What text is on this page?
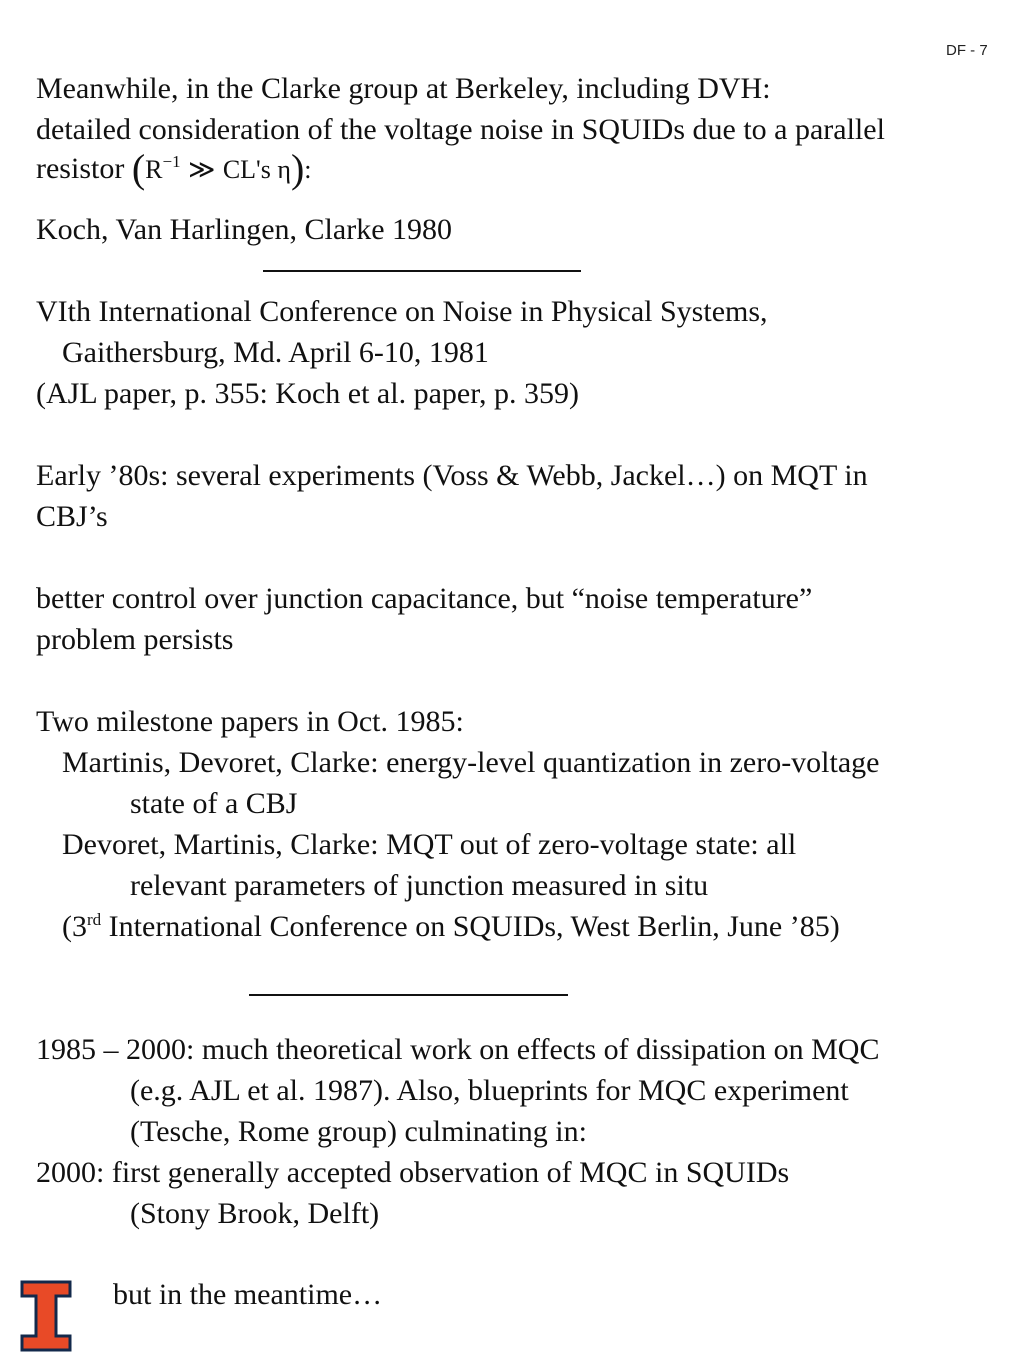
DF - 7

Meanwhile, in the Clarke group at Berkeley, including DVH:

detailed consideration of the voltage noise in SQUIDs due to a parallel

resistor ($R^{-1}$ ≫ CL's η):

Koch, Van Harlingen, Clarke 1980

VIth International Conference on Noise in Physical Systems,

Gaithersburg, Md. April 6-10, 1981

(AJL paper, p. 355: Koch et al. paper, p. 359)

Early ’80s: several experiments (Voss & Webb, Jackel…) on MQT in

CBJ’s

better control over junction capacitance, but “noise temperature”

problem persists

Two milestone papers in Oct. 1985:

Martinis, Devoret, Clarke: energy-level quantization in zero-voltage

state of a CBJ

Devoret, Martinis, Clarke: MQT out of zero-voltage state: all

relevant parameters of junction measured in situ

(3rd International Conference on SQUIDs, West Berlin, June ’85)

1985 – 2000: much theoretical work on effects of dissipation on MQC

(e.g. AJL et al. 1987). Also, blueprints for MQC experiment

(Tesche, Rome group) culminating in:

2000: first generally accepted observation of MQC in SQUIDs

(Stony Brook, Delft)

but in the meantime…
